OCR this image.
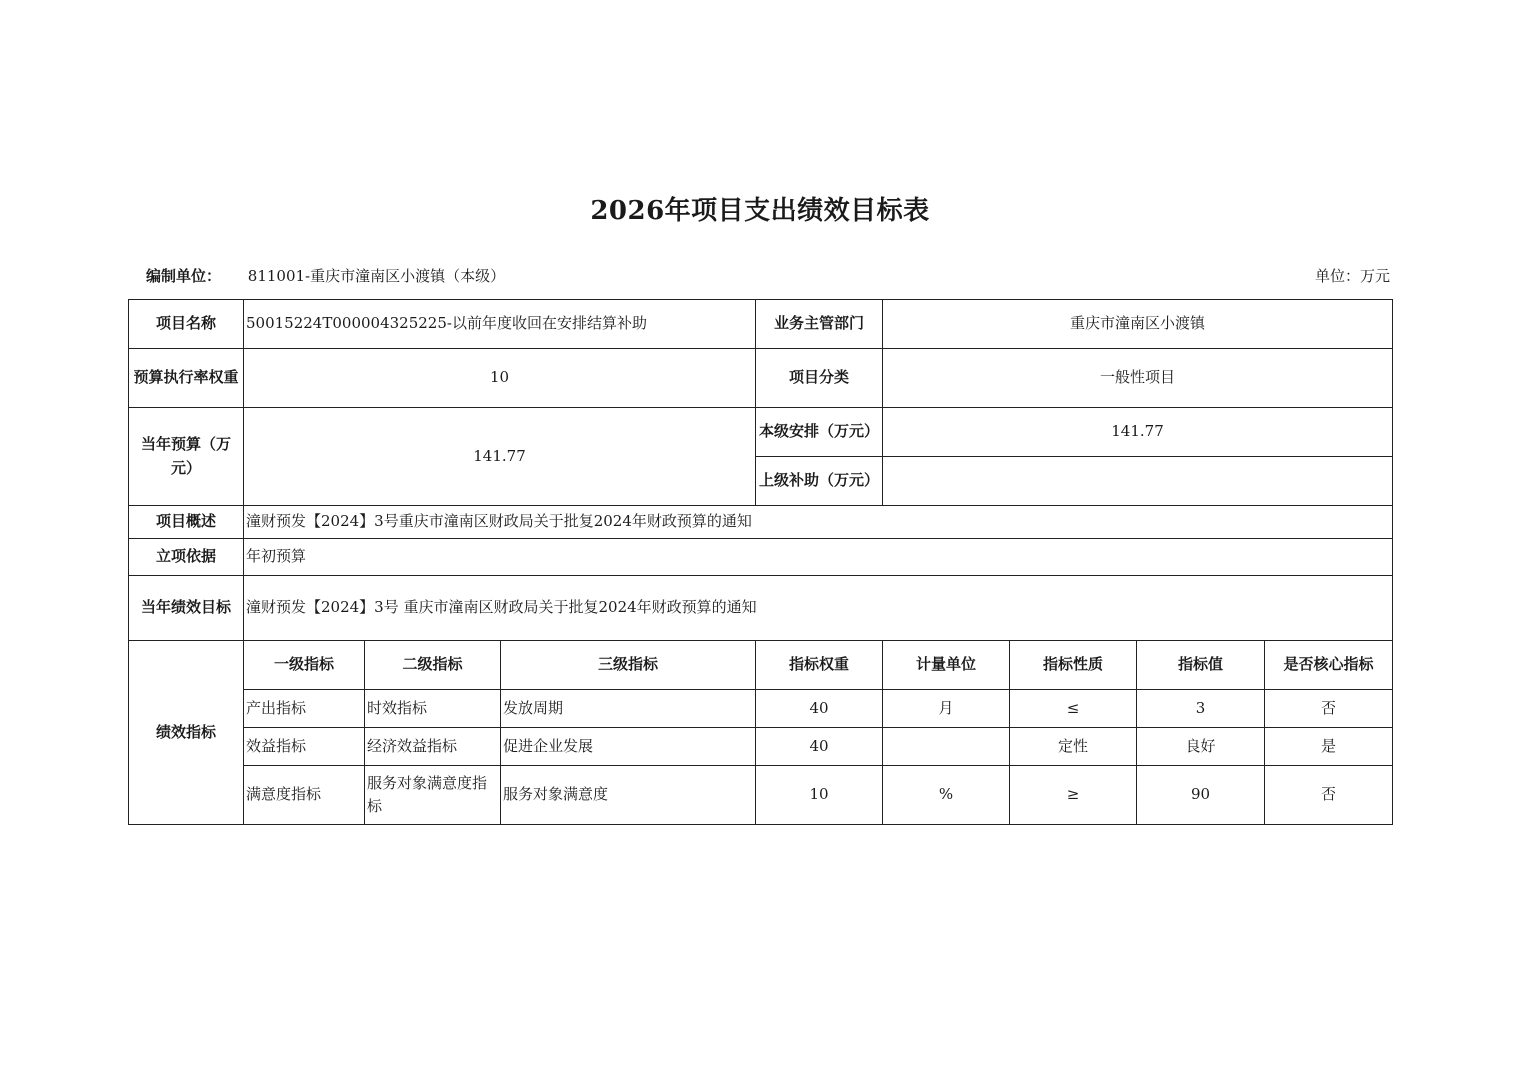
2026年项目支出绩效目标表
编制单位： 811001-重庆市潼南区小渡镇（本级）	单位：万元
项目名称	50015224T000004325225-以前年度收回在安排结算补助			业务主管部门	重庆市潼南区小渡镇			
预算执行率权重	10			项目分类	一般性项目			
当年预算（万元）	141.77			本级安排（万元）	141.77			
				上级补助（万元）				
项目概述	潼财预发【2024】3号重庆市潼南区财政局关于批复2024年财政预算的通知							
立项依据	年初预算							
当年绩效目标	潼财预发【2024】3号 重庆市潼南区财政局关于批复2024年财政预算的通知							
绩效指标	一级指标	二级指标	三级指标	指标权重	计量单位	指标性质	指标值	是否核心指标
	产出指标	时效指标	发放周期	40	月	≤	3	否
	效益指标	经济效益指标	促进企业发展	40		定性	良好	是
	满意度指标	服务对象满意度指标	服务对象满意度	10	%	≥	90	否
